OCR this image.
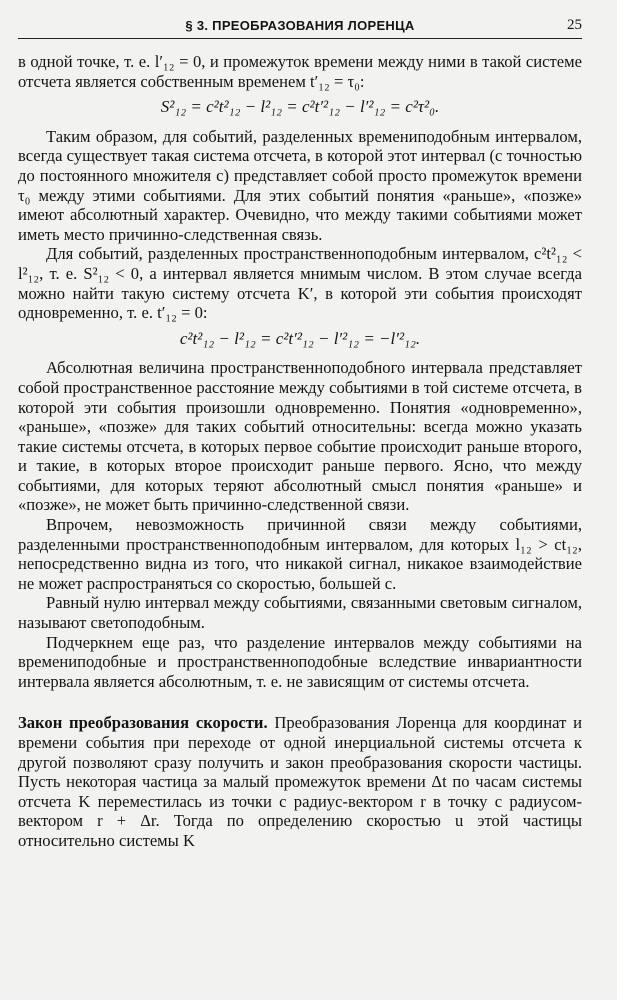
§ 3. ПРЕОБРАЗОВАНИЯ ЛОРЕНЦА	25

в одной точке, т. е. l′₁₂ = 0, и промежуток времени между ними в такой системе отсчета является собственным временем t′₁₂ = τ₀:

S²₁₂ = c²t²₁₂ − l²₁₂ = c²t′²₁₂ − l′²₁₂ = c²τ²₀.

Таким образом, для событий, разделенных времениподобным интервалом, всегда существует такая система отсчета, в которой этот интервал (с точностью до постоянного множителя c) представляет собой просто промежуток времени τ₀ между этими событиями. Для этих событий понятия «раньше», «позже» имеют абсолютный характер. Очевидно, что между такими событиями может иметь место причинно-следственная связь.

Для событий, разделенных пространственноподобным интервалом, c²t²₁₂ < l²₁₂, т. е. S²₁₂ < 0, а интервал является мнимым числом. В этом случае всегда можно найти такую систему отсчета K′, в которой эти события происходят одновременно, т. е. t′₁₂ = 0:

c²t²₁₂ − l²₁₂ = c²t′²₁₂ − l′²₁₂ = −l′²₁₂.

Абсолютная величина пространственноподобного интервала представляет собой пространственное расстояние между событиями в той системе отсчета, в которой эти события произошли одновременно. Понятия «одновременно», «раньше», «позже» для таких событий относительны: всегда можно указать такие системы отсчета, в которых первое событие происходит раньше второго, и такие, в которых второе происходит раньше первого. Ясно, что между событиями, для которых теряют абсолютный смысл понятия «раньше» и «позже», не может быть причинно-следственной связи.

Впрочем, невозможность причинной связи между событиями, разделенными пространственноподобным интервалом, для которых l₁₂ > ct₁₂, непосредственно видна из того, что никакой сигнал, никакое взаимодействие не может распространяться со скоростью, большей c.

Равный нулю интервал между событиями, связанными световым сигналом, называют светоподобным.

Подчеркнем еще раз, что разделение интервалов между событиями на времениподобные и пространственноподобные вследствие инвариантности интервала является абсолютным, т. е. не зависящим от системы отсчета.

Закон преобразования скорости. Преобразования Лоренца для координат и времени события при переходе от одной инерциальной системы отсчета к другой позволяют сразу получить и закон преобразования скорости частицы. Пусть некоторая частица за малый промежуток времени Δt по часам системы отсчета K переместилась из точки с радиус-вектором r в точку с радиусом-вектором r + Δr. Тогда по определению скоростью u этой частицы относительно системы K
